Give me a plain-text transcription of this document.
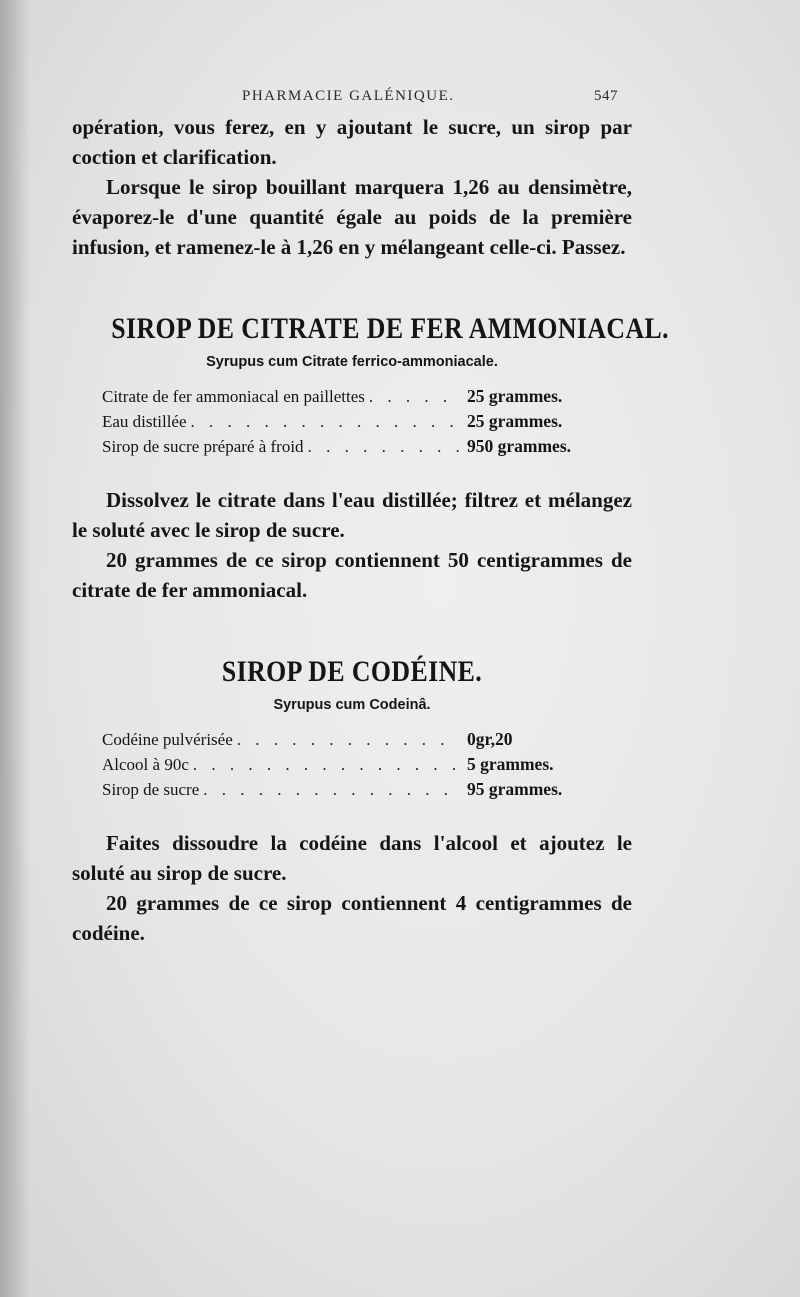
PHARMACIE GALÉNIQUE.	547

opération, vous ferez, en y ajoutant le sucre, un sirop par coction et clarification.

Lorsque le sirop bouillant marquera 1,26 au densimètre, évaporez-le d'une quantité égale au poids de la première infusion, et ramenez-le à 1,26 en y mélangeant celle-ci. Passez.

SIROP DE CITRATE DE FER AMMONIACAL.
Syrupus cum Citrate ferrico-ammoniacale.
Citrate de fer ammoniacal en paillettes . . .	25 grammes.
Eau distillée . . .	25 grammes.
Sirop de sucre préparé à froid . . .	950 grammes.

Dissolvez le citrate dans l'eau distillée; filtrez et mélangez le soluté avec le sirop de sucre.

20 grammes de ce sirop contiennent 50 centigrammes de citrate de fer ammoniacal.

SIROP DE CODÉINE.
Syrupus cum Codeinâ.
Codéine pulvérisée . . .	0gr,20
Alcool à 90c . . .	5 grammes.
Sirop de sucre . . .	95 grammes.

Faites dissoudre la codéine dans l'alcool et ajoutez le soluté au sirop de sucre.

20 grammes de ce sirop contiennent 4 centigrammes de codéine.
